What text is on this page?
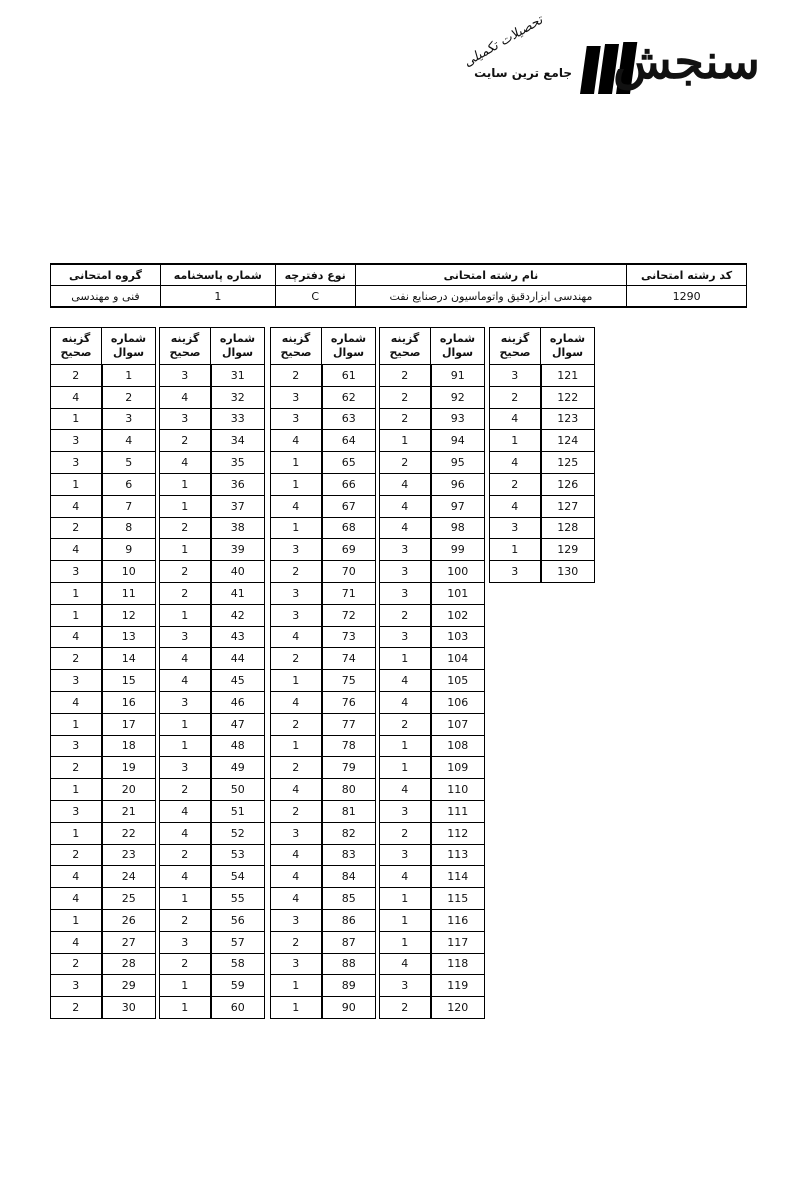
سنجش
جامع ترین سایت
تحصیلات تکمیلی
کد رشته امتحانی	نام رشته امتحانی	نوع دفترچه	شماره پاسخنامه	گروه امتحانی
1290	مهندسی ابزاردقیق واتوماسیون درصنایع نفت	C	1	فنی و مهندسی
شماره سوال	گزینه صحیح
1	2
2	4
3	1
4	3
5	3
6	1
7	4
8	2
9	4
10	3
11	1
12	1
13	4
14	2
15	3
16	4
17	1
18	3
19	2
20	1
21	3
22	1
23	2
24	4
25	4
26	1
27	4
28	2
29	3
30	2
شماره سوال	گزینه صحیح
31	3
32	4
33	3
34	2
35	4
36	1
37	1
38	2
39	1
40	2
41	2
42	1
43	3
44	4
45	4
46	3
47	1
48	1
49	3
50	2
51	4
52	4
53	2
54	4
55	1
56	2
57	3
58	2
59	1
60	1
شماره سوال	گزینه صحیح
61	2
62	3
63	3
64	4
65	1
66	1
67	4
68	1
69	3
70	2
71	3
72	3
73	4
74	2
75	1
76	4
77	2
78	1
79	2
80	4
81	2
82	3
83	4
84	4
85	4
86	3
87	2
88	3
89	1
90	1
شماره سوال	گزینه صحیح
91	2
92	2
93	2
94	1
95	2
96	4
97	4
98	4
99	3
100	3
101	3
102	2
103	3
104	1
105	4
106	4
107	2
108	1
109	1
110	4
111	3
112	2
113	3
114	4
115	1
116	1
117	1
118	4
119	3
120	2
شماره سوال	گزینه صحیح
121	3
122	2
123	4
124	1
125	4
126	2
127	4
128	3
129	1
130	3
